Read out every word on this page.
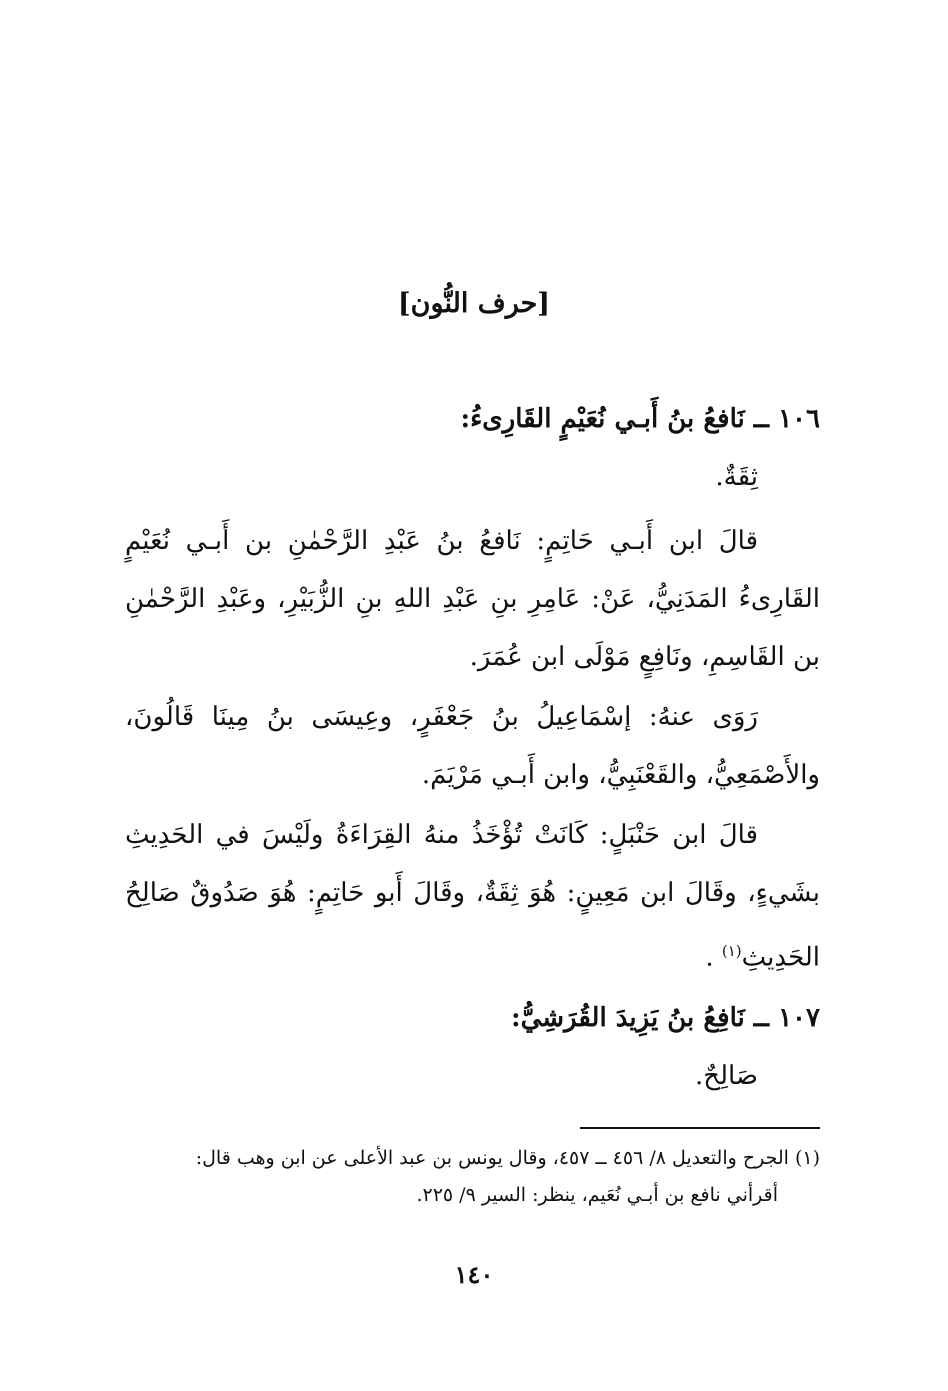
[حرف النُّون]
١٠٦ ــ نَافعُ بنُ أَبـي نُعَيْمٍ القَارِىءُ:
ثِقَةٌ.
قالَ ابن أَبـي حَاتِمٍ: نَافعُ بنُ عَبْدِ الرَّحْمٰنِ بن أَبـي نُعَيْمٍ القَارِىءُ المَدَنِيُّ، عَنْ: عَامِرِ بنِ عَبْدِ اللهِ بنِ الزُّبَيْرِ، وعَبْدِ الرَّحْمٰنِ بن القَاسِمِ، ونَافِعٍ مَوْلَى ابن عُمَرَ.
رَوَى عنهُ: إسْمَاعِيلُ بنُ جَعْفَرٍ، وعِيسَى بنُ مِينَا قَالُونَ، والأَصْمَعِيُّ، والقَعْنَبِيُّ، وابن أَبـي مَرْيَمَ.
قالَ ابن حَنْبَلٍ: كَانَتْ تُؤْخَذُ منهُ القِرَاءَةُ ولَيْسَ في الحَدِيثِ بشَيءٍ، وقَالَ ابن مَعِينٍ: هُوَ ثِقَةٌ، وقَالَ أَبو حَاتِمٍ: هُوَ صَدُوقٌ صَالِحُ الحَدِيثِ$^{(١)}$ .
١٠٧ ــ نَافِعُ بنُ يَزِيدَ القُرَشِيُّ:
صَالِحٌ.
(١) الجرح والتعديل ٨/ ٤٥٦ ــ ٤٥٧، وقال يونس بن عبد الأعلى عن ابن وهب قال:
أقرأني نافع بن أبـي نُعَيم، ينظر: السير ٩/ ٢٢٥.
١٤٠
